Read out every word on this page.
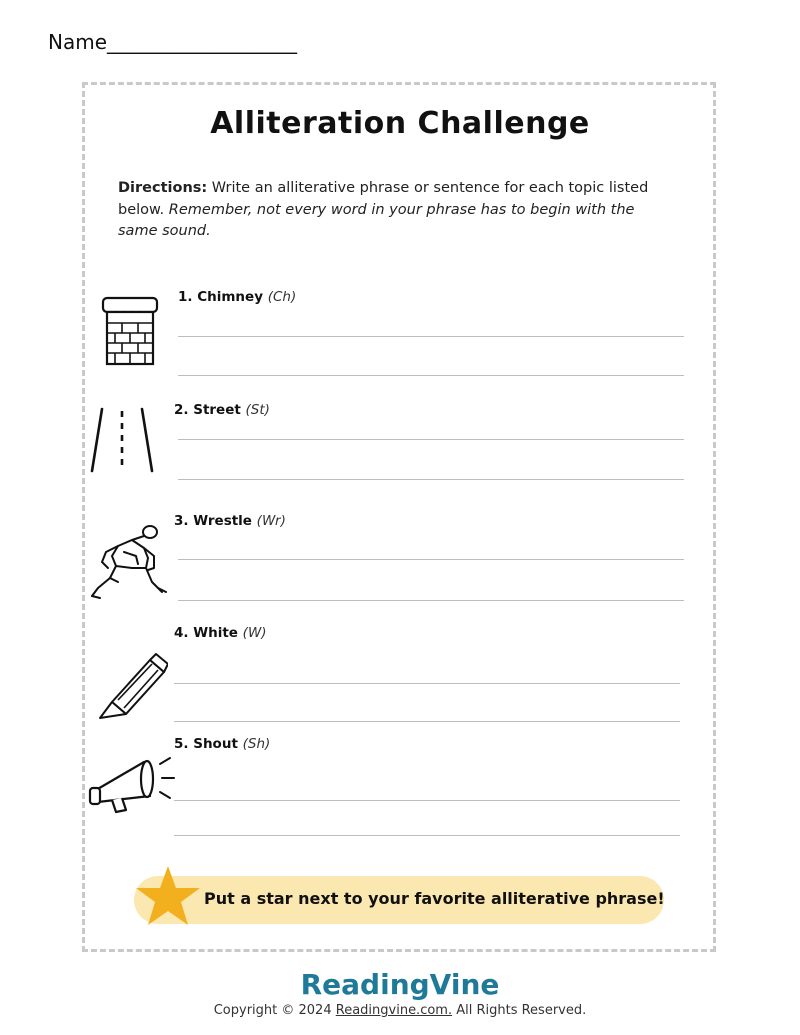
Name___________________
Alliteration Challenge
Directions: Write an alliterative phrase or sentence for each topic listed below. Remember, not every word in your phrase has to begin with the same sound.
1. Chimney (Ch)
2. Street (St)
3. Wrestle (Wr)
4. White (W)
5. Shout (Sh)
Put a star next to your favorite alliterative phrase!
ReadingVine
Copyright © 2024 Readingvine.com. All Rights Reserved.
